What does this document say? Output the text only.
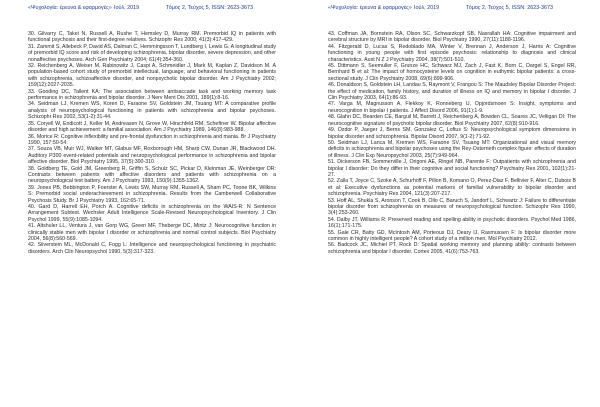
«Ψυχολογία: έρευνα & εφαρμογές» Ιούλ, 2019	Τόμος 2, Τεύχος 5, ISSN: 2623-3673

30. Gilvarry C, Takei N, Russell A, Rushe T, Hemsley D, Murray RM. Premorbid IQ in patients with functional psychosis and their first-degree relatives. Schizophr Res 2000; 41(3):417-429.

31. Zammit S, Allebeck P, David AS, Dalman C, Hemmingsson T, Lundberg I, Lewis G. A longitudinal study of premorbid IQ score and risk of developing schizophrenia, bipolar disorder, severe depression, and other nonaffective psychoses. Arch Gen Psychiatry 2004; 61(4):354-360.

32. Reichenberg A, Weiser M, Rabinowitz J, Caspi A, Schmeidler J, Mark M, Kaplan Z, Davidson M. A population-based cohort study of premorbid intellectual, language, and behavioral functioning in patients with schizophrenia, schizoaffective disorder, and nonpsychotic bipolar disorder. Am J Psychiatry 2002; 159(12):2027-2035.

33. Gooding DC, Tallent KA: The association between antisaccade task and working memory task performance in schizophrenia and bipolar disorder. J Nerv Ment Dis 2001, 189(1):8-16.

34. Seidman LJ, Kremen WS, Koren D, Faraone SV, Goldstein JM, Tsuang MT: A comparative profile analysis of neuropsychological functioning in patients with schizophrenia and bipolar psychoses. Schizophr Res 2002, 53(1-2):31-44.

35. Coryell W, Endicott J, Keller M, Andreasen N, Grove W, Hirschfeld RM, Scheftner W. Bipolar affective disorder and high achievement: a familial association. Am J Psychiatry 1989, 146(8):983-988.

36. Morice R: Cognitive inflexibility and pre-frontal dysfunction in schizophrenia and mania. Br J Psychiatry 1990, 157:50-54.

37. Souza VB, Muir WJ, Walker MT, Glabus MF, Roxborough HM, Sharp CW, Dunan JR, Blackwood DH. Auditory P300 event-related potentials and neuropsychological performance in schizophrenia and bipolar affective disorder. Biol Psychiatry 1995, 37(5):300-310.

38. Goldberg TE, Gold JM, Greenberg R, Griffin S, Schulz SC, Pickar D, Kleinman JE, Weinberger DR: Contrasts between patients with affective disorders and patients with schizophrenia on a neuropsychological test battery. Am J Psychiatry 1993, 150(9):1355-1362.

39. Jones PB, Bebbington P, Foerster A, Lewis SW, Murray RM, Russell A, Sham PC, Toone BK, Wilkins S: Premorbid social underachievement in schizophrenia. Results from the Camberwell Collaborative Psychosis Study. Br J Psychiatry 1993, 162:65-71.

40. Gard D, Harrell EH, Porch A. Cognitive deficits in schizophrenia on the WAIS-R: N Sentence Arrangement Subtest. Wechsler Adult Intelligence Scale-Revised Neuropsychological Inventory. J Clin Psychol 1999, 55(9):1085-1094.

41. Altshuler LL, Ventura J, van Gorp WG, Green MF, Theberge DC, Mintz J: Neurocognitive function in clinically stable men with bipolar I disorder or schizophrenia and normal control subjects. Biol Psychiatry 2004, 56(8):560-569.

42. Silverstein ML, McDonald C, Fogg L: Intelligence and neuropsychological functioning in psychiatric disorders. Arch Clin Neuropsychol 1990, 5(3):317-323.

«Ψυχολογία: έρευνα & εφαρμογές» Ιούλ, 2019	Τόμος 2, Τεύχος 5, ISSN: 2623-3673

43. Coffman JA, Bornstein RA, Olson SC, Schwarzkopf SB, Nasrallah HA: Cognitive impairment and cerebral structure by MRI in bipolar disorder. Biol Psychiatry 1990, 27(11):1188-1196.

44. Fitzgerald D, Lucas S, Redoblado MA, Winter V, Brennan J, Anderson J, Harris A: Cognitive functioning in young people with first episode psychosis: relationship to diagnosis and clinical characteristics. Aust N Z J Psychiatry 2004, 38(7):501-510.

45. Dittmann S, Seemuller F, Grunze HC, Schwarz MJ, Zach J, Fast K, Born C, Dargel S, Engel RR, Bernhard B et al: The impact of homocysteine levels on cognition in euthymic bipolar patients: a cross-sectional study. J Clin Psychiatry 2008, 69(6):899-906.

46. Donaldson S, Goldstein LH, Landau S, Raymont V, Frangou S: The Maudsley Bipolar Disorder Project: the effect of medication, family history, and duration of illness on IQ and memory in bipolar I disorder. J Clin Psychiatry 2003, 64(1):86-93.

47. Varga M, Magnusson A, Flekkoy K, Ronneberg U, Opjordsmoen S: Insight, symptoms and neurocognition in bipolar I patients. J Affect Disord 2006, 91(1):1-9.

48. Glahn DC, Bearden CE, Barguil M, Barrett J, Reichenberg A, Bowden CL, Soares JC, Velligan DI: The neurocognitive signature of psychotic bipolar disorder. Biol Psychiatry 2007, 62(8):910-916.

49. Ozdor P, Jaeger J, Berns SM, Gonzalez C, Loftus S: Neuropsychological symptom dimensions in bipolar disorder and schizophrenia. Bipolar Disord 2007, 9(1-2):71-92.

50. Seidman LJ, Lanca M, Kremen WS, Faraone SV, Tsuang MT: Organizational and visual memory deficits in schizophrenia and bipolar psychoses using the Rey-Osterrieth complex figure: effects of duration of illness. J Clin Exp Neuropsychol 2003, 25(7):949-964.

51. Dickerson FB, Sommerville J, Origoni AE, Ringel NB, Parente F: Outpatients with schizophrenia and bipolar I disorder: Do they differ in their cognitive and social functioning? Psychiatry Res 2001, 102(1):21-27.

52. Zalla T, Joyce C, Szoke A, Schurhoff F, Pillon B, Komano O, Perez-Diaz F, Bellivier F, Alter C, Dubois B et al: Executive dysfunctions as potential markers of familial vulnerability to bipolar disorder and schizophrenia. Psychiatry Res 2004, 121(3):207-217.

53. Hoff AL, Shukla S, Aronson T, Cook B, Ollo C, Baruch S, Jandorf L, Schwartz J: Failure to differentiate bipolar disorder from schizophrenia on measures of neuropsychological function. Schizophr Res 1990, 3(4):253-260.

54. Dalby JT, Williams R: Preserved reading and spelling ability in psychotic disorders. Psychol Med 1986, 16(1):171-175.

55. Gale CR, Batty GD, McIntosh AM, Porteous DJ, Deary IJ, Rasmussen F: Is bipolar disorder more common in highly intelligent people? A cohort study of a million men. Mol Psychiatry 2012.

56. Badcock JC, Michiel PT, Rock D: Spatial working memory and planning ability: contrasts between schizophrenia and bipolar I disorder. Cortex 2005, 41(6):753-763.
